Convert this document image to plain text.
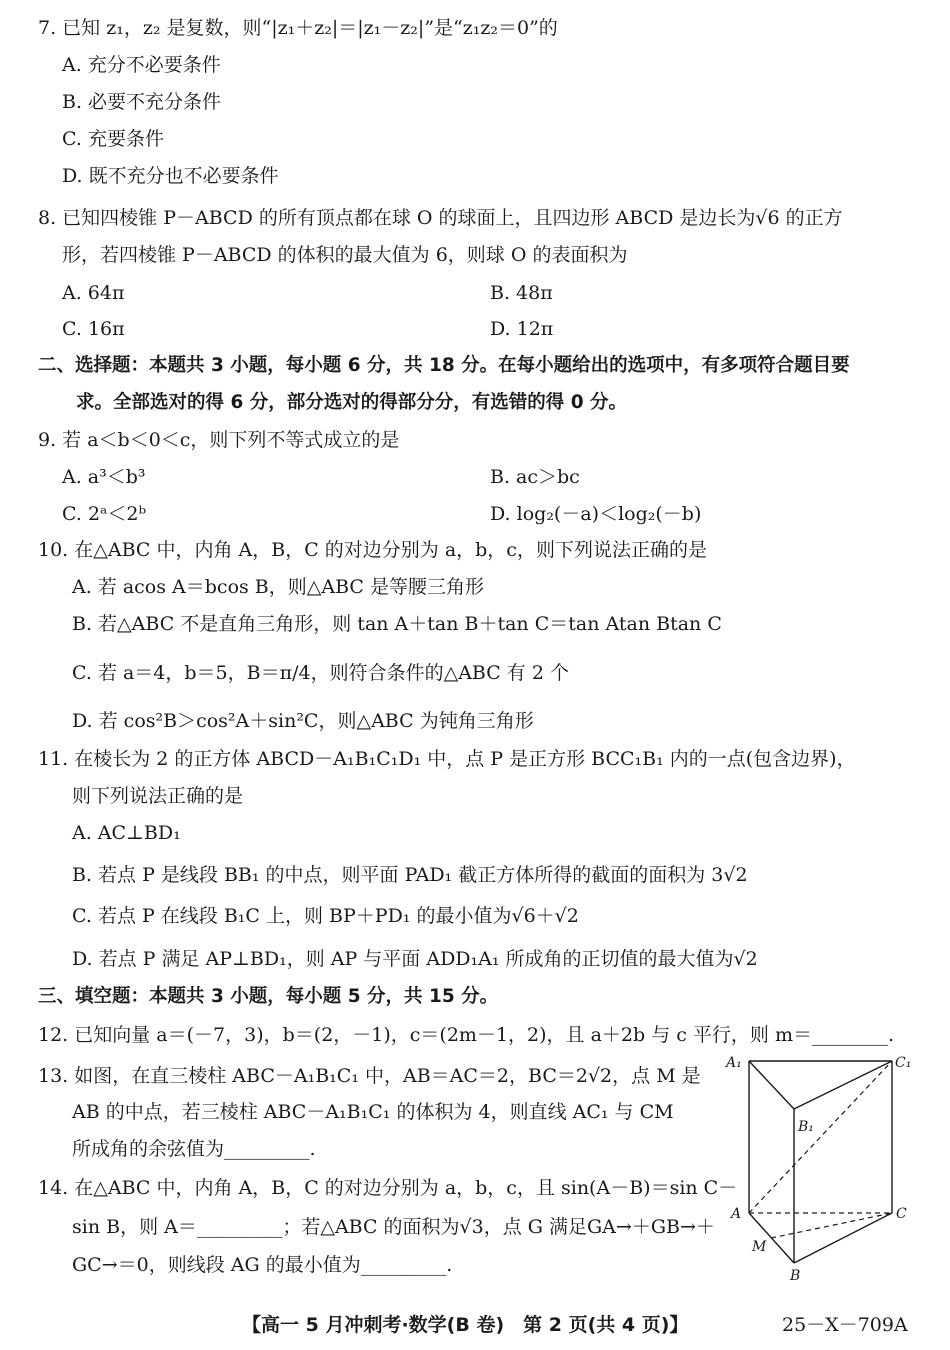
7. 已知 z₁，z₂ 是复数，则“|z₁＋z₂|＝|z₁－z₂|”是“z₁z₂＝0”的
A. 充分不必要条件
B. 必要不充分条件
C. 充要条件
D. 既不充分也不必要条件
8. 已知四棱锥 P－ABCD 的所有顶点都在球 O 的球面上，且四边形 ABCD 是边长为√6 的正方
形，若四棱锥 P－ABCD 的体积的最大值为 6，则球 O 的表面积为
A. 64π	B. 48π
C. 16π	D. 12π
二、选择题：本题共 3 小题，每小题 6 分，共 18 分。在每小题给出的选项中，有多项符合题目要
求。全部选对的得 6 分，部分选对的得部分分，有选错的得 0 分。
9. 若 a＜b＜0＜c，则下列不等式成立的是
A. a³＜b³	B. ac＞bc
C. 2ᵃ＜2ᵇ	D. log₂(－a)＜log₂(－b)
10. 在△ABC 中，内角 A，B，C 的对边分别为 a，b，c，则下列说法正确的是
A. 若 acos A＝bcos B，则△ABC 是等腰三角形
B. 若△ABC 不是直角三角形，则 tan A＋tan B＋tan C＝tan Atan Btan C
C. 若 a＝4，b＝5，B＝π/4，则符合条件的△ABC 有 2 个
D. 若 cos²B＞cos²A＋sin²C，则△ABC 为钝角三角形
11. 在棱长为 2 的正方体 ABCD－A₁B₁C₁D₁ 中，点 P 是正方形 BCC₁B₁ 内的一点(包含边界)，
则下列说法正确的是
A. AC⊥BD₁
B. 若点 P 是线段 BB₁ 的中点，则平面 PAD₁ 截正方体所得的截面的面积为 3√2
C. 若点 P 在线段 B₁C 上，则 BP＋PD₁ 的最小值为√6＋√2
D. 若点 P 满足 AP⊥BD₁，则 AP 与平面 ADD₁A₁ 所成角的正切值的最大值为√2
三、填空题：本题共 3 小题，每小题 5 分，共 15 分。
12. 已知向量 a＝(－7，3)，b＝(2，－1)，c＝(2m－1，2)，且 a＋2b 与 c 平行，则 m＝________.
13. 如图，在直三棱柱 ABC－A₁B₁C₁ 中，AB＝AC＝2，BC＝2√2，点 M 是
AB 的中点，若三棱柱 ABC－A₁B₁C₁ 的体积为 4，则直线 AC₁ 与 CM
所成角的余弦值为_________.
14. 在△ABC 中，内角 A，B，C 的对边分别为 a，b，c，且 sin(A－B)＝sin C－
sin B，则 A＝_________；若△ABC 的面积为√3，点 G 满足GA→＋GB→＋
GC→＝0，则线段 AG 的最小值为_________.
A₁	C₁
B₁
A	C
M
B
【高一 5 月冲刺考·数学(B 卷)　第 2 页(共 4 页)】	25－X－709A
